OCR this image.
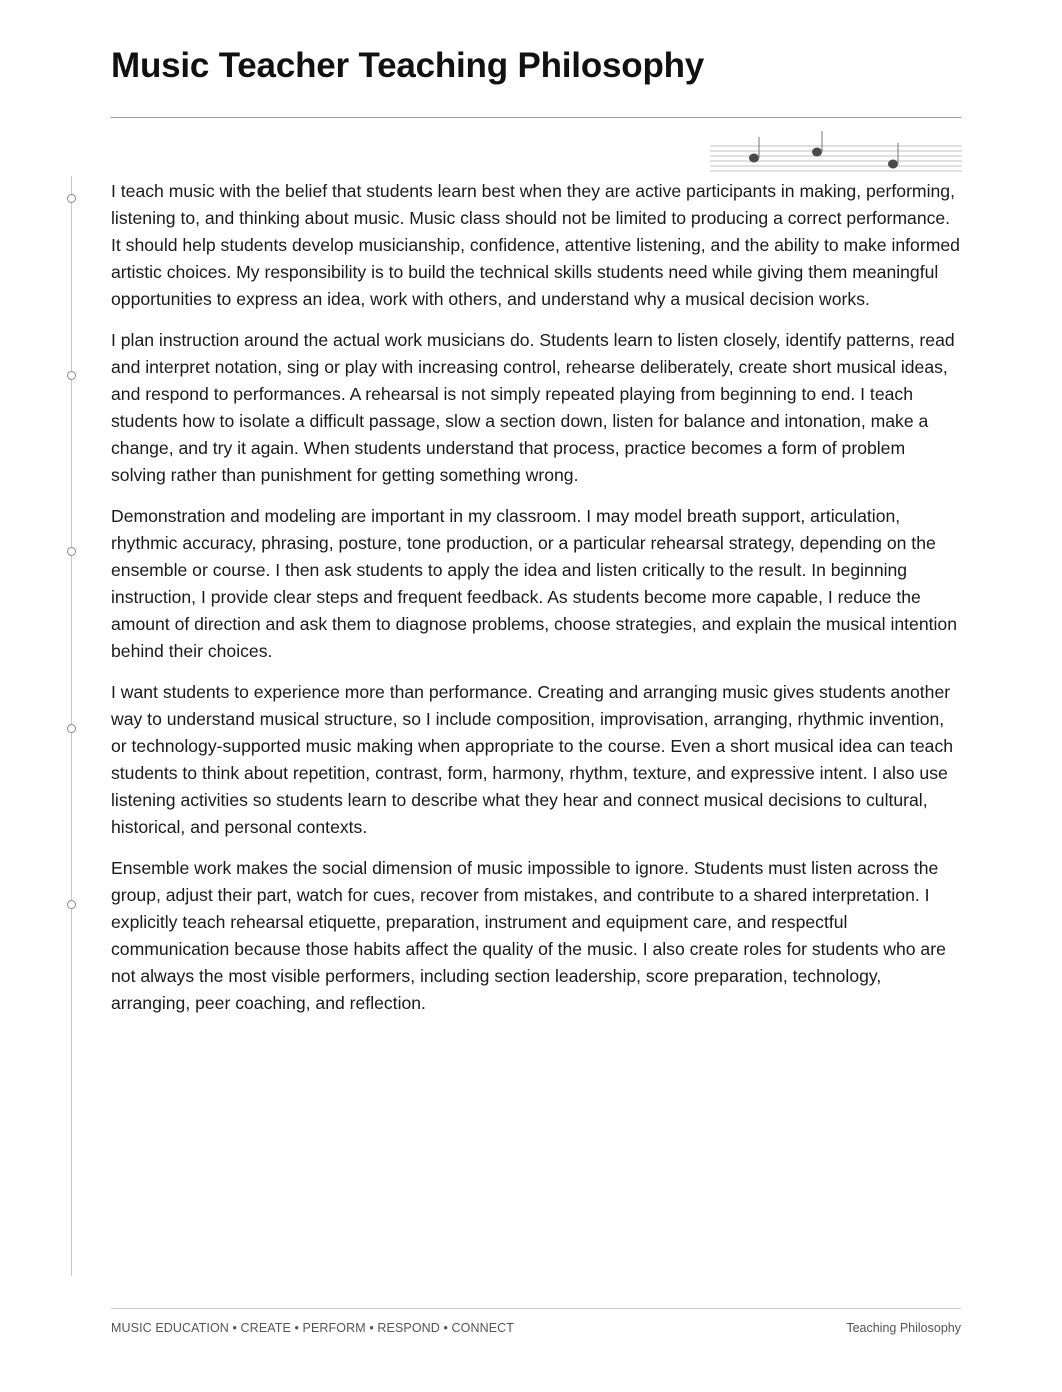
Music Teacher Teaching Philosophy

I teach music with the belief that students learn best when they are active participants in making, performing, listening to, and thinking about music. Music class should not be limited to producing a correct performance. It should help students develop musicianship, confidence, attentive listening, and the ability to make informed artistic choices. My responsibility is to build the technical skills students need while giving them meaningful opportunities to express an idea, work with others, and understand why a musical decision works.

I plan instruction around the actual work musicians do. Students learn to listen closely, identify patterns, read and interpret notation, sing or play with increasing control, rehearse deliberately, create short musical ideas, and respond to performances. A rehearsal is not simply repeated playing from beginning to end. I teach students how to isolate a difficult passage, slow a section down, listen for balance and intonation, make a change, and try it again. When students understand that process, practice becomes a form of problem solving rather than punishment for getting something wrong.

Demonstration and modeling are important in my classroom. I may model breath support, articulation, rhythmic accuracy, phrasing, posture, tone production, or a particular rehearsal strategy, depending on the ensemble or course. I then ask students to apply the idea and listen critically to the result. In beginning instruction, I provide clear steps and frequent feedback. As students become more capable, I reduce the amount of direction and ask them to diagnose problems, choose strategies, and explain the musical intention behind their choices.

I want students to experience more than performance. Creating and arranging music gives students another way to understand musical structure, so I include composition, improvisation, arranging, rhythmic invention, or technology-supported music making when appropriate to the course. Even a short musical idea can teach students to think about repetition, contrast, form, harmony, rhythm, texture, and expressive intent. I also use listening activities so students learn to describe what they hear and connect musical decisions to cultural, historical, and personal contexts.

Ensemble work makes the social dimension of music impossible to ignore. Students must listen across the group, adjust their part, watch for cues, recover from mistakes, and contribute to a shared interpretation. I explicitly teach rehearsal etiquette, preparation, instrument and equipment care, and respectful communication because those habits affect the quality of the music. I also create roles for students who are not always the most visible performers, including section leadership, score preparation, technology, arranging, peer coaching, and reflection.

MUSIC EDUCATION • CREATE • PERFORM • RESPOND • CONNECT	Teaching Philosophy
